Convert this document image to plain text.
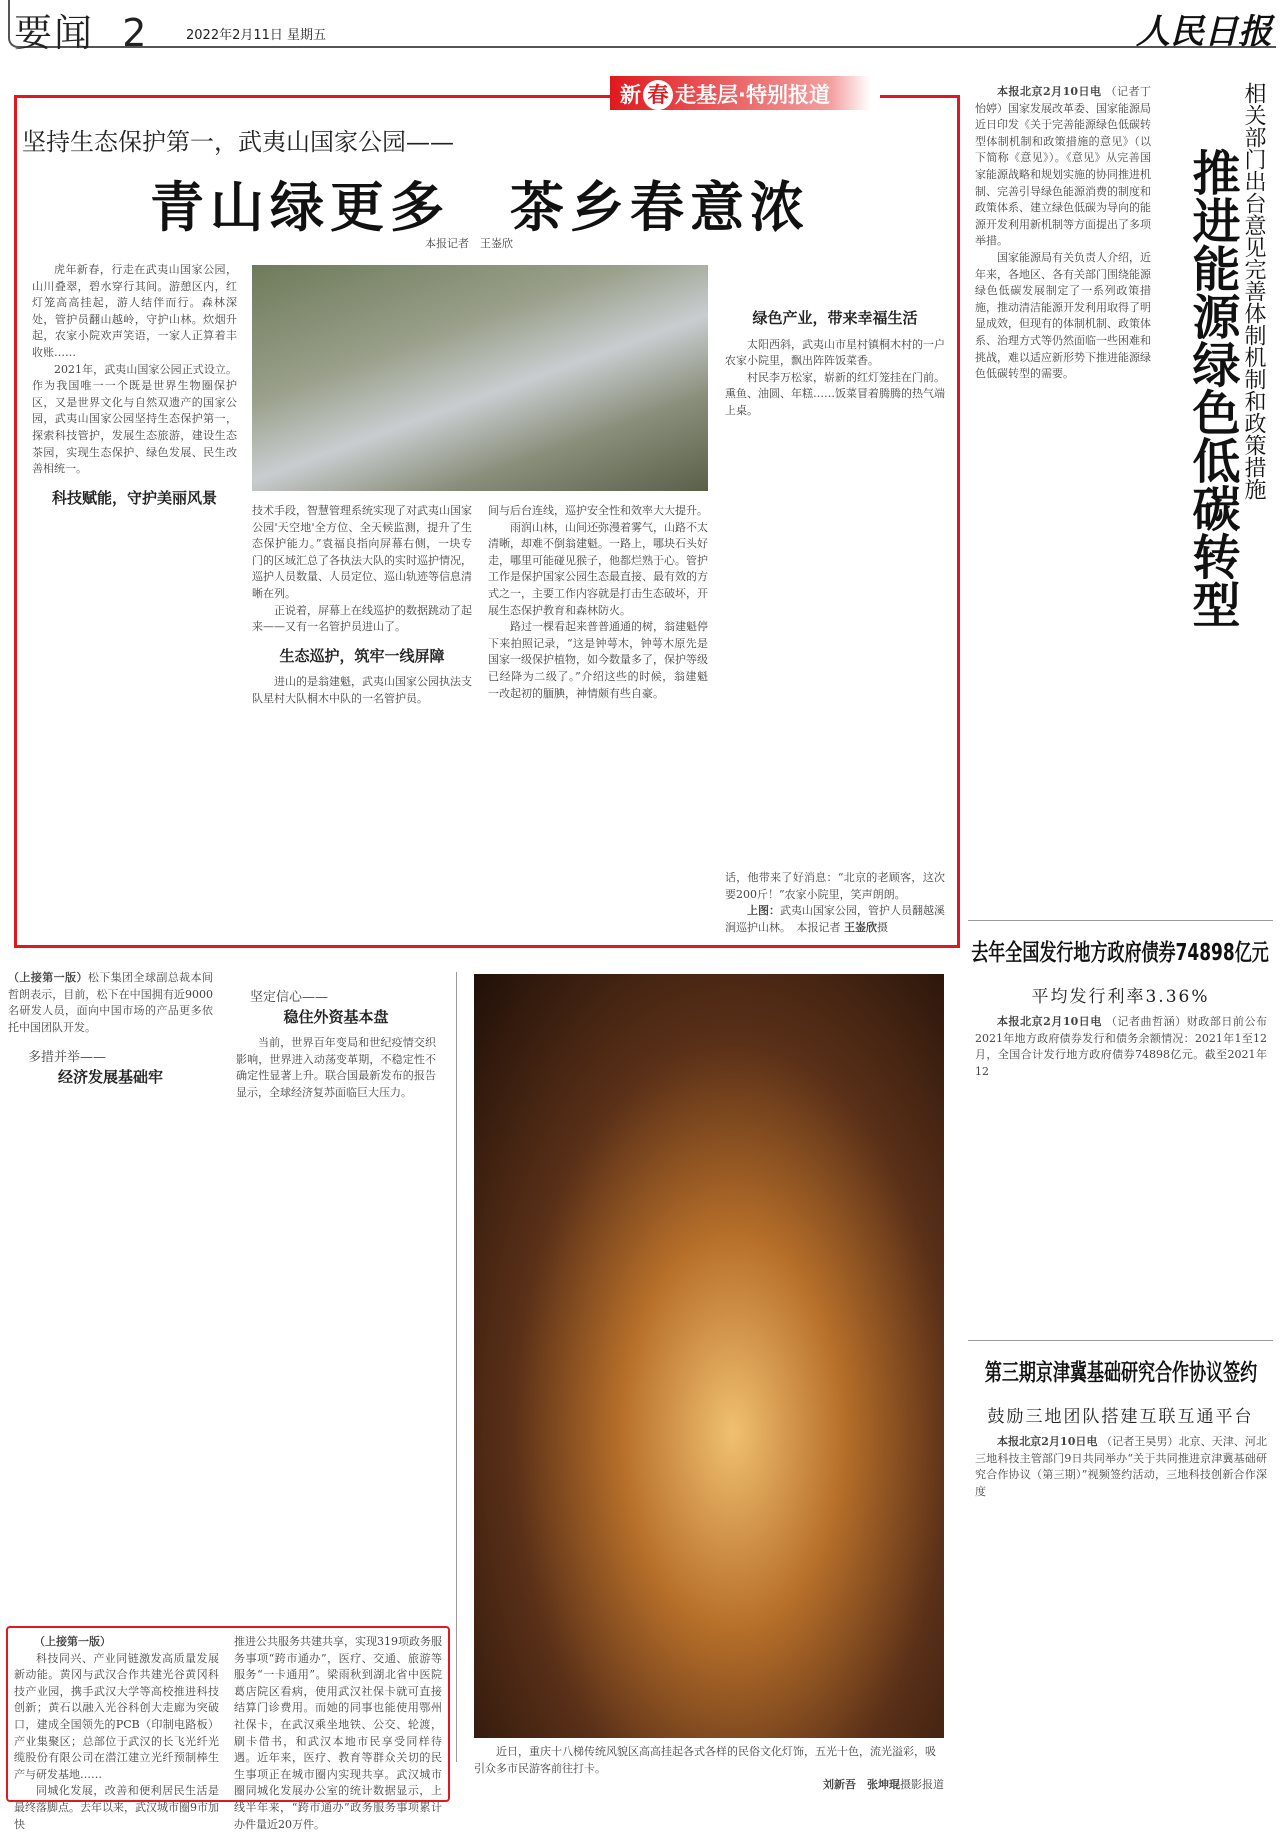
要闻 2	2022年2月11日 星期五	人民日报
新 春 走基层·特别报道
坚持生态保护第一，武夷山国家公园——
青山绿更多　茶乡春意浓
本报记者　王崟欣

虎年新春，行走在武夷山国家公园，山川叠翠，碧水穿行其间。游憩区内，红灯笼高高挂起，游人结伴而行。森林深处，管护员翻山越岭，守护山林。炊烟升起，农家小院欢声笑语，一家人正算着丰收账……

2021年，武夷山国家公园正式设立。作为我国唯一一个既是世界生物圈保护区，又是世界文化与自然双遗产的国家公园，武夷山国家公园坚持生态保护第一，探索科技管护，发展生态旅游，建设生态茶园，实现生态保护、绿色发展、民生改善相统一。

科技赋能，守护美丽风景

技术手段，智慧管理系统实现了对武夷山国家公园'天空地'全方位、全天候监测，提升了生态保护能力。”袁福良指向屏幕右侧，一块专门的区域汇总了各执法大队的实时巡护情况，巡护人员数量、人员定位、巡山轨迹等信息清晰在列。

正说着，屏幕上在线巡护的数据跳动了起来——又有一名管护员进山了。

生态巡护，筑牢一线屏障

进山的是翁建魁，武夷山国家公园执法支队星村大队桐木中队的一名管护员。

间与后台连线，巡护安全性和效率大大提升。

雨润山林，山间还弥漫着雾气，山路不太清晰，却难不倒翁建魁。一路上，哪块石头好走，哪里可能碰见猴子，他都烂熟于心。管护工作是保护国家公园生态最直接、最有效的方式之一，主要工作内容就是打击生态破坏，开展生态保护教育和森林防火。

路过一棵看起来普普通通的树，翁建魁停下来拍照记录，“这是钟萼木，钟萼木原先是国家一级保护植物，如今数量多了，保护等级已经降为二级了。”介绍这些的时候，翁建魁一改起初的腼腆，神情颇有些自豪。

绿色产业，带来幸福生活

太阳西斜，武夷山市星村镇桐木村的一户农家小院里，飘出阵阵饭菜香。

村民李万松家，崭新的红灯笼挂在门前。熏鱼、油圆、年糕……饭菜冒着腾腾的热气端上桌。

话，他带来了好消息：“北京的老顾客，这次要200斤！”农家小院里，笑声朗朗。

上图：武夷山国家公园，管护人员翻越溪涧巡护山林。　 本报记者 王崟欣摄

本报北京2月10日电 （记者丁怡婷）国家发展改革委、国家能源局近日印发《关于完善能源绿色低碳转型体制机制和政策措施的意见》（以下简称《意见》）。《意见》从完善国家能源战略和规划实施的协同推进机制、完善引导绿色能源消费的制度和政策体系、建立绿色低碳为导向的能源开发利用新机制等方面提出了多项举措。

国家能源局有关负责人介绍，近年来，各地区、各有关部门围绕能源绿色低碳发展制定了一系列政策措施，推动清洁能源开发利用取得了明显成效，但现有的体制机制、政策体系、治理方式等仍然面临一些困难和挑战，难以适应新形势下推进能源绿色低碳转型的需要。	相关部门出台意见完善体制机制和政策措施
推进能源绿色低碳转型
去年全国发行地方政府债券74898亿元
平均发行利率3.36%

本报北京2月10日电 （记者曲哲涵）财政部日前公布2021年地方政府债券发行和债务余额情况：2021年1至12月，全国合计发行地方政府债券74898亿元。截至2021年12

第三期京津冀基础研究合作协议签约
鼓励三地团队搭建互联互通平台

本报北京2月10日电 （记者王昊男）北京、天津、河北三地科技主管部门9日共同举办“关于共同推进京津冀基础研究合作协议（第三期）”视频签约活动，三地科技创新合作深度

（上接第一版）松下集团全球副总裁本间哲朗表示，目前，松下在中国拥有近9000名研发人员，面向中国市场的产品更多依托中国团队开发。

多措并举——
经济发展基础牢
坚定信心——
稳住外资基本盘

当前，世界百年变局和世纪疫情交织影响，世界进入动荡变革期，不稳定性不确定性显著上升。联合国最新发布的报告显示，全球经济复苏面临巨大压力。

（上接第一版）

科技同兴、产业同链激发高质量发展新动能。黄冈与武汉合作共建光谷黄冈科技产业园，携手武汉大学等高校推进科技创新；黄石以融入光谷科创大走廊为突破口，建成全国领先的PCB（印制电路板）产业集聚区；总部位于武汉的长飞光纤光缆股份有限公司在潜江建立光纤预制棒生产与研发基地……

同城化发展，改善和便利居民生活是最终落脚点。去年以来，武汉城市圈9市加快

推进公共服务共建共享，实现319项政务服务事项“跨市通办”，医疗、交通、旅游等服务“一卡通用”。梁雨秋到湖北省中医院葛店院区看病，使用武汉社保卡就可直接结算门诊费用。而她的同事也能使用鄂州社保卡，在武汉乘坐地铁、公交、轮渡，刷卡借书，和武汉本地市民享受同样待遇。近年来，医疗、教育等群众关切的民生事项正在城市圈内实现共享。武汉城市圈同城化发展办公室的统计数据显示，上线半年来，“跨市通办”政务服务事项累计办件量近20万件。

近日，重庆十八梯传统风貌区高高挂起各式各样的民俗文化灯饰，五光十色，流光溢彩，吸引众多市民游客前往打卡。
刘新吾　张坤琨摄影报道
